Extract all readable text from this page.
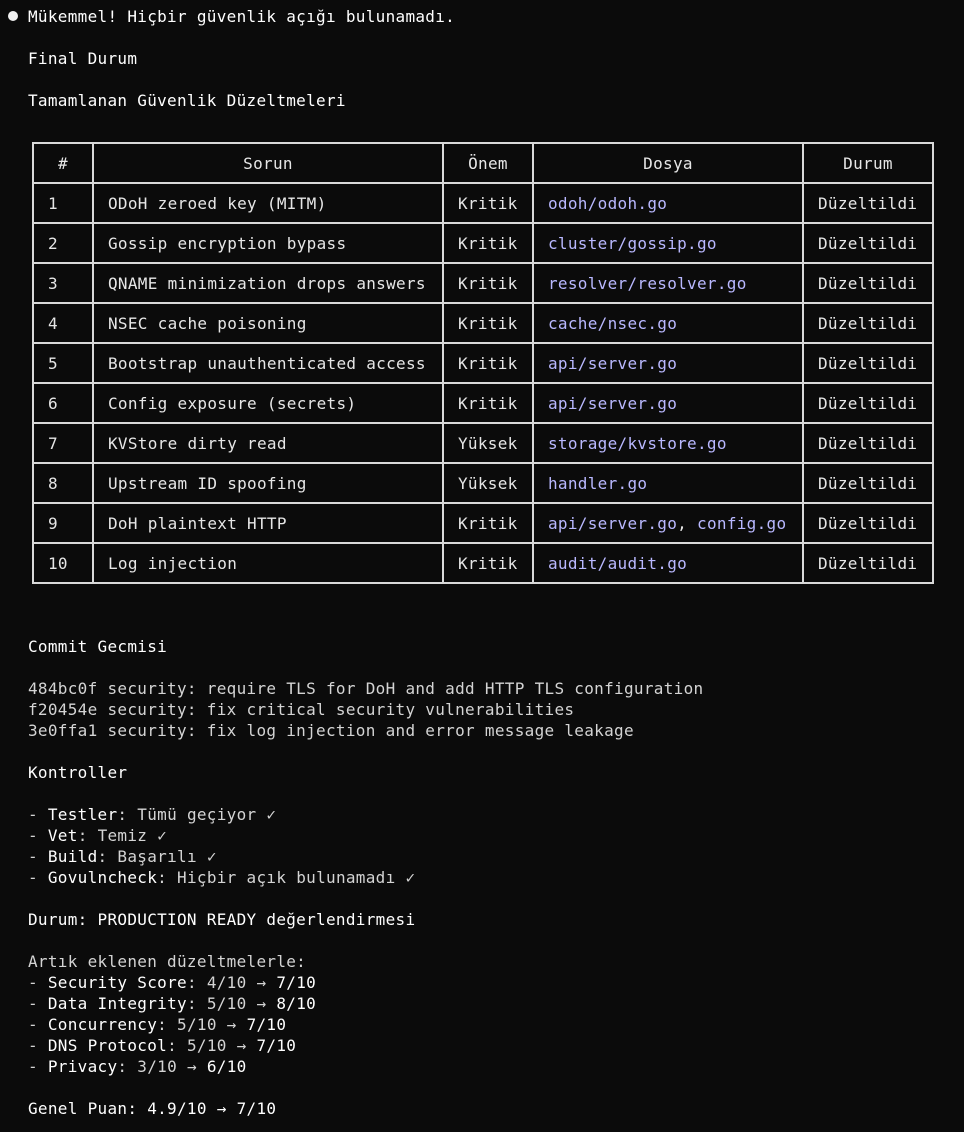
Mükemmel! Hiçbir güvenlik açığı bulunamadı.
Final Durum
Tamamlanan Güvenlik Düzeltmeleri
#	Sorun	Önem	Dosya	Durum
1	ODoH zeroed key (MITM)	Kritik	odoh/odoh.go	Düzeltildi
2	Gossip encryption bypass	Kritik	cluster/gossip.go	Düzeltildi
3	QNAME minimization drops answers	Kritik	resolver/resolver.go	Düzeltildi
4	NSEC cache poisoning	Kritik	cache/nsec.go	Düzeltildi
5	Bootstrap unauthenticated access	Kritik	api/server.go	Düzeltildi
6	Config exposure (secrets)	Kritik	api/server.go	Düzeltildi
7	KVStore dirty read	Yüksek	storage/kvstore.go	Düzeltildi
8	Upstream ID spoofing	Yüksek	handler.go	Düzeltildi
9	DoH plaintext HTTP	Kritik	api/server.go, config.go	Düzeltildi
10	Log injection	Kritik	audit/audit.go	Düzeltildi
Commit Gecmisi
484bc0f security: require TLS for DoH and add HTTP TLS configuration
f20454e security: fix critical security vulnerabilities
3e0ffa1 security: fix log injection and error message leakage
Kontroller
- Testler: Tümü geçiyor ✓
- Vet: Temiz ✓
- Build: Başarılı ✓
- Govulncheck: Hiçbir açık bulunamadı ✓
Durum: PRODUCTION READY değerlendirmesi
Artık eklenen düzeltmelerle:
- Security Score: 4/10 → 7/10
- Data Integrity: 5/10 → 8/10
- Concurrency: 5/10 → 7/10
- DNS Protocol: 5/10 → 7/10
- Privacy: 3/10 → 6/10
Genel Puan: 4.9/10 → 7/10
